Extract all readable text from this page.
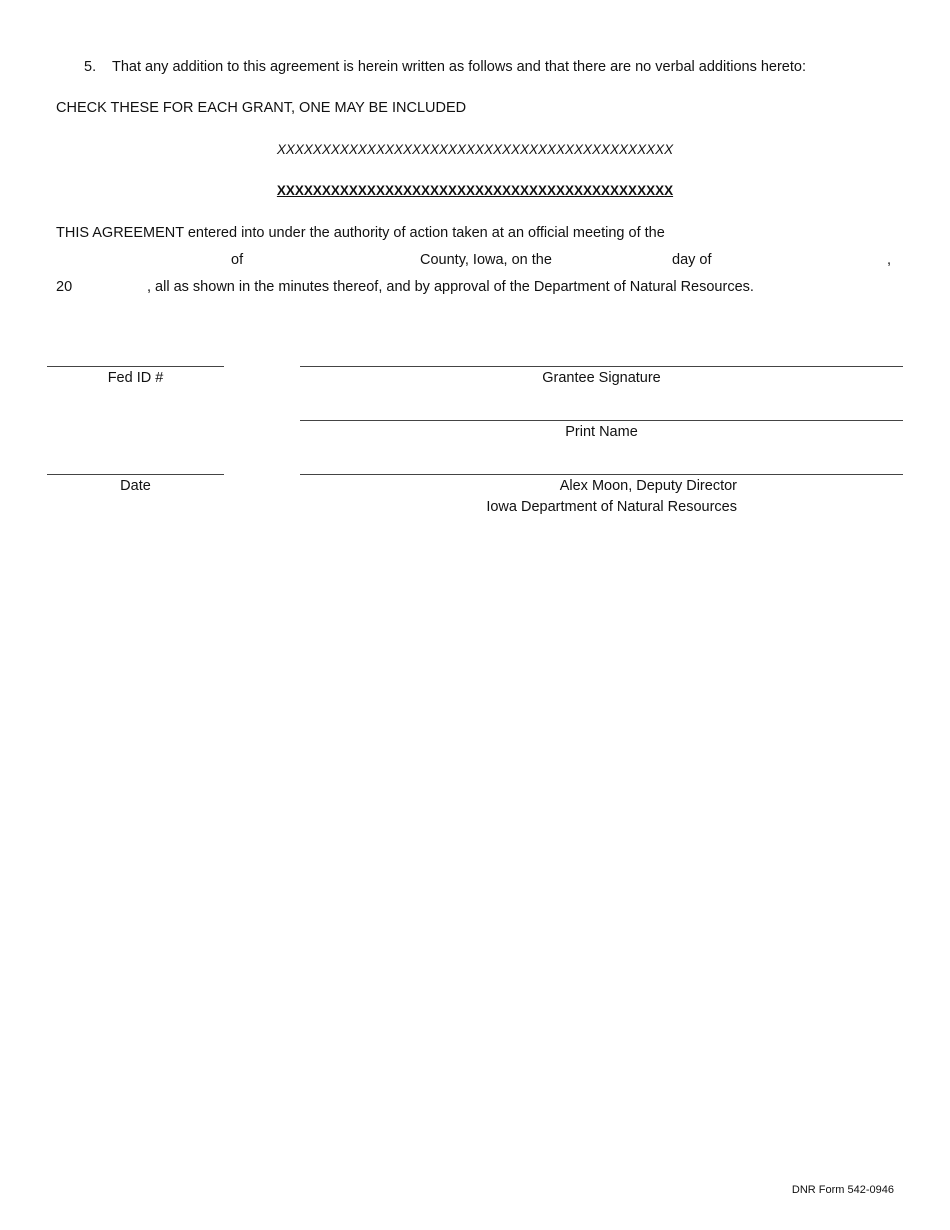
5. That any addition to this agreement is herein written as follows and that there are no verbal additions hereto:
CHECK THESE FOR EACH GRANT, ONE MAY BE INCLUDED
XXXXXXXXXXXXXXXXXXXXXXXXXXXXXXXXXXXXXXXXXXXX
XXXXXXXXXXXXXXXXXXXXXXXXXXXXXXXXXXXXXXXXXXXX
THIS AGREEMENT entered into under the authority of action taken at an official meeting of the
of	County, Iowa, on the	day of	,
20	, all as shown in the minutes thereof, and by approval of the Department of Natural Resources.
Fed ID #	Grantee Signature
Print Name
Date	Alex Moon, Deputy Director
Iowa Department of Natural Resources
DNR Form 542-0946
